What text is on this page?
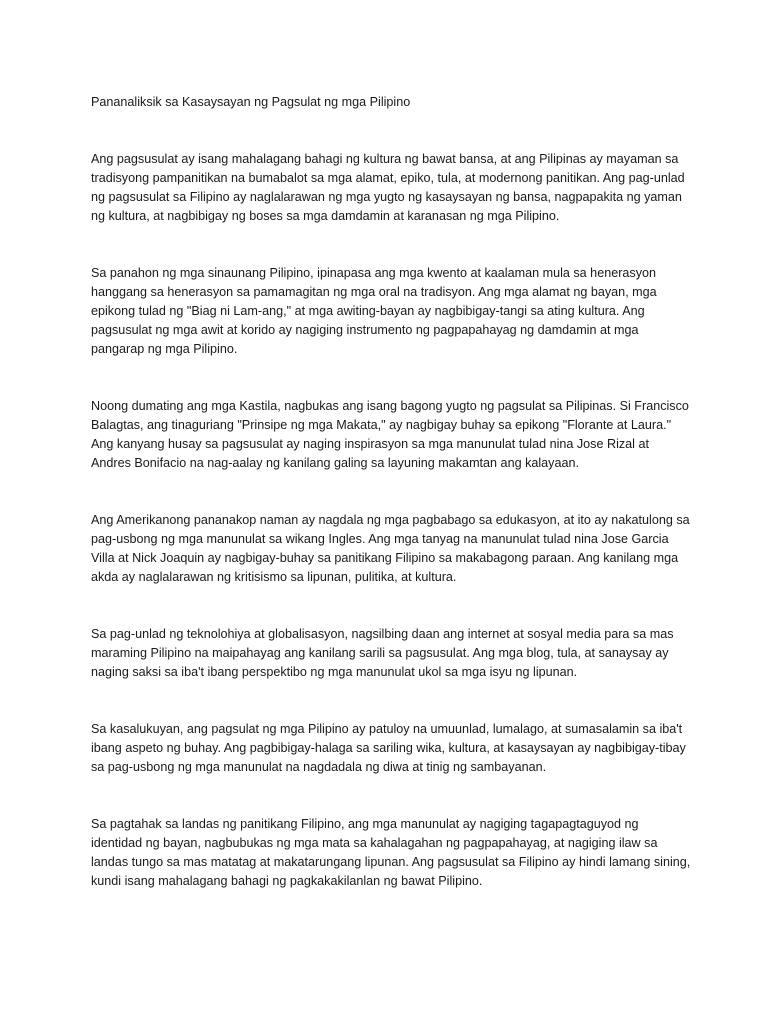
Pananaliksik sa Kasaysayan ng Pagsulat ng mga Pilipino

Ang pagsusulat ay isang mahalagang bahagi ng kultura ng bawat bansa, at ang Pilipinas ay mayaman sa tradisyong pampanitikan na bumabalot sa mga alamat, epiko, tula, at modernong panitikan. Ang pag-unlad ng pagsusulat sa Filipino ay naglalarawan ng mga yugto ng kasaysayan ng bansa, nagpapakita ng yaman ng kultura, at nagbibigay ng boses sa mga damdamin at karanasan ng mga Pilipino.

Sa panahon ng mga sinaunang Pilipino, ipinapasa ang mga kwento at kaalaman mula sa henerasyon hanggang sa henerasyon sa pamamagitan ng mga oral na tradisyon. Ang mga alamat ng bayan, mga epikong tulad ng "Biag ni Lam-ang," at mga awiting-bayan ay nagbibigay-tangi sa ating kultura. Ang pagsusulat ng mga awit at korido ay nagiging instrumento ng pagpapahayag ng damdamin at mga pangarap ng mga Pilipino.

Noong dumating ang mga Kastila, nagbukas ang isang bagong yugto ng pagsulat sa Pilipinas. Si Francisco Balagtas, ang tinaguriang "Prinsipe ng mga Makata," ay nagbigay buhay sa epikong "Florante at Laura." Ang kanyang husay sa pagsusulat ay naging inspirasyon sa mga manunulat tulad nina Jose Rizal at Andres Bonifacio na nag-aalay ng kanilang galing sa layuning makamtan ang kalayaan.

Ang Amerikanong pananakop naman ay nagdala ng mga pagbabago sa edukasyon, at ito ay nakatulong sa pag-usbong ng mga manunulat sa wikang Ingles. Ang mga tanyag na manunulat tulad nina Jose Garcia Villa at Nick Joaquin ay nagbigay-buhay sa panitikang Filipino sa makabagong paraan. Ang kanilang mga akda ay naglalarawan ng kritisismo sa lipunan, pulitika, at kultura.

Sa pag-unlad ng teknolohiya at globalisasyon, nagsilbing daan ang internet at sosyal media para sa mas maraming Pilipino na maipahayag ang kanilang sarili sa pagsusulat. Ang mga blog, tula, at sanaysay ay naging saksi sa iba't ibang perspektibo ng mga manunulat ukol sa mga isyu ng lipunan.

Sa kasalukuyan, ang pagsulat ng mga Pilipino ay patuloy na umuunlad, lumalago, at sumasalamin sa iba't ibang aspeto ng buhay. Ang pagbibigay-halaga sa sariling wika, kultura, at kasaysayan ay nagbibigay-tibay sa pag-usbong ng mga manunulat na nagdadala ng diwa at tinig ng sambayanan.

Sa pagtahak sa landas ng panitikang Filipino, ang mga manunulat ay nagiging tagapagtaguyod ng identidad ng bayan, nagbubukas ng mga mata sa kahalagahan ng pagpapahayag, at nagiging ilaw sa landas tungo sa mas matatag at makatarungang lipunan. Ang pagsusulat sa Filipino ay hindi lamang sining, kundi isang mahalagang bahagi ng pagkakakilanlan ng bawat Pilipino.
